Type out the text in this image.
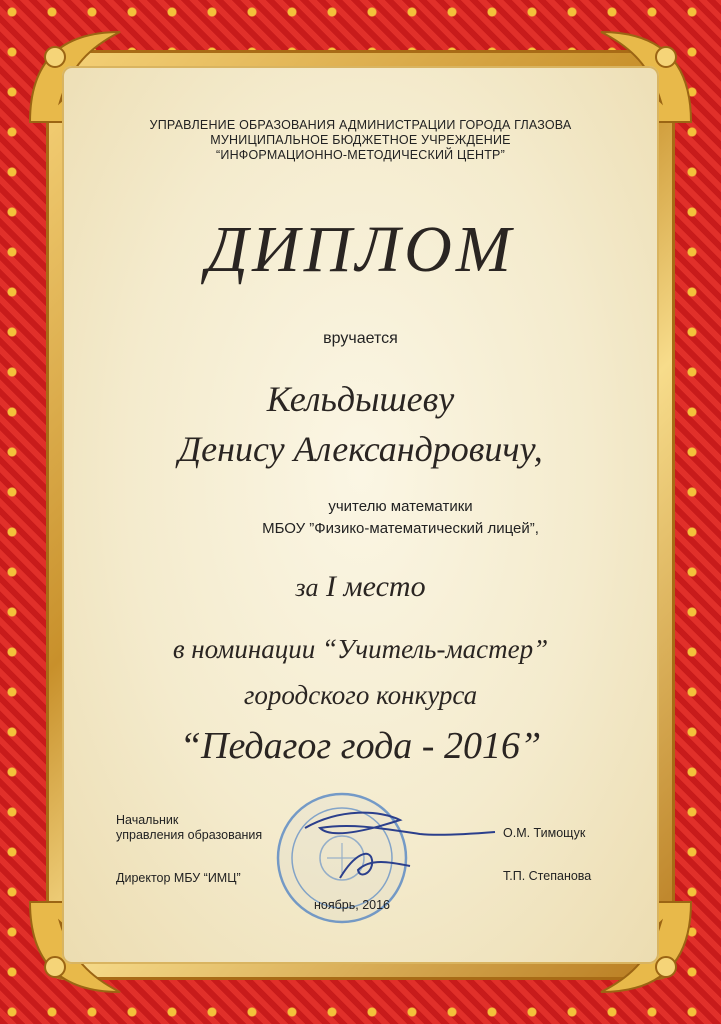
УПРАВЛЕНИЕ ОБРАЗОВАНИЯ АДМИНИСТРАЦИИ ГОРОДА ГЛАЗОВА
МУНИЦИПАЛЬНОЕ БЮДЖЕТНОЕ УЧРЕЖДЕНИЕ
“ИНФОРМАЦИОННО-МЕТОДИЧЕСКИЙ ЦЕНТР”
ДИПЛОМ
вручается
Кельдышеву
Денису Александровичу,
учителю математики
МБОУ ”Физико-математический лицей”,
за I место
в номинации “Учитель-мастер”
городского конкурса
“Педагог года - 2016”
Начальник
управления образования	О.М. Тимощук
Директор МБУ “ИМЦ”	Т.П. Степанова
ноябрь, 2016
